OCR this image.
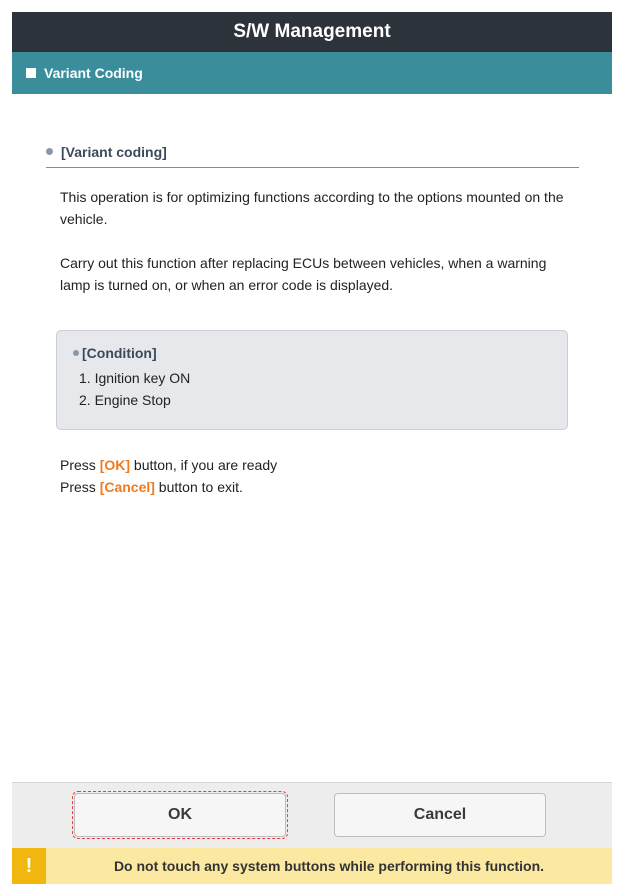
S/W Management
Variant Coding
[Variant coding]
This operation is for optimizing functions according to the options mounted on the vehicle.
Carry out this function after replacing ECUs between vehicles, when a warning lamp is turned on, or when an error code is displayed.
[Condition]
1. Ignition key ON
2. Engine Stop
Press [OK] button, if you are ready
Press [Cancel] button to exit.
OK	Cancel
!	Do not touch any system buttons while performing this function.
